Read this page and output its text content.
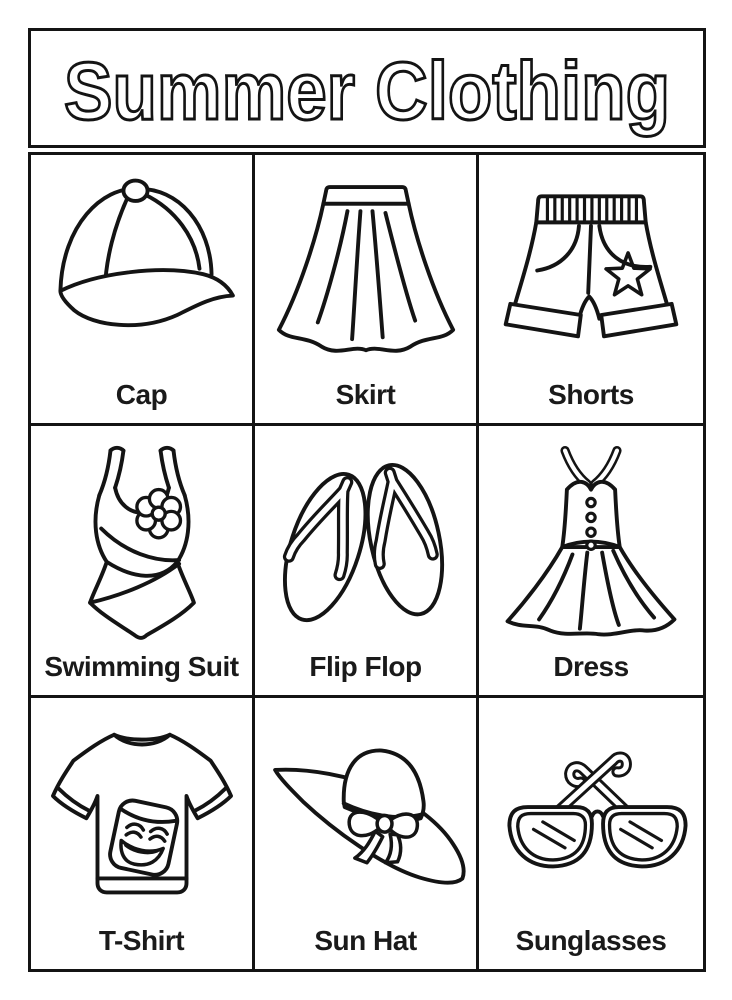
Summer Clothing
Cap	Skirt	Shorts
Swimming Suit	Flip Flop	Dress
T-Shirt	Sun Hat	Sunglasses
